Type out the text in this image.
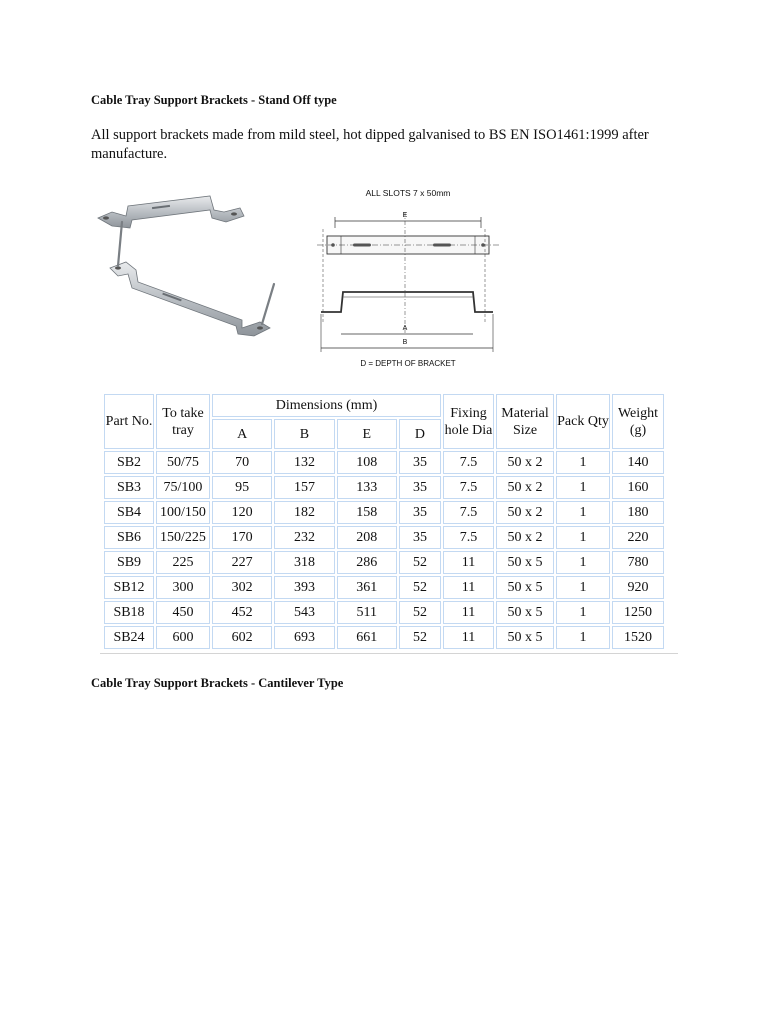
Cable Tray Support Brackets - Stand Off type
All support brackets made from mild steel, hot dipped galvanised to BS EN ISO1461:1999 after manufacture.
ALL SLOTS 7 x 50mm
E
A
B
D = DEPTH OF BRACKET
Part No.	To take tray	Dimensions (mm)				Fixing hole Dia	Material Size	Pack Qty	Weight (g)
		A	B	E	D				
SB2	50/75	70	132	108	35	7.5	50 x 2	1	140
SB3	75/100	95	157	133	35	7.5	50 x 2	1	160
SB4	100/150	120	182	158	35	7.5	50 x 2	1	180
SB6	150/225	170	232	208	35	7.5	50 x 2	1	220
SB9	225	227	318	286	52	11	50 x 5	1	780
SB12	300	302	393	361	52	11	50 x 5	1	920
SB18	450	452	543	511	52	11	50 x 5	1	1250
SB24	600	602	693	661	52	11	50 x 5	1	1520
Cable Tray Support Brackets - Cantilever Type
